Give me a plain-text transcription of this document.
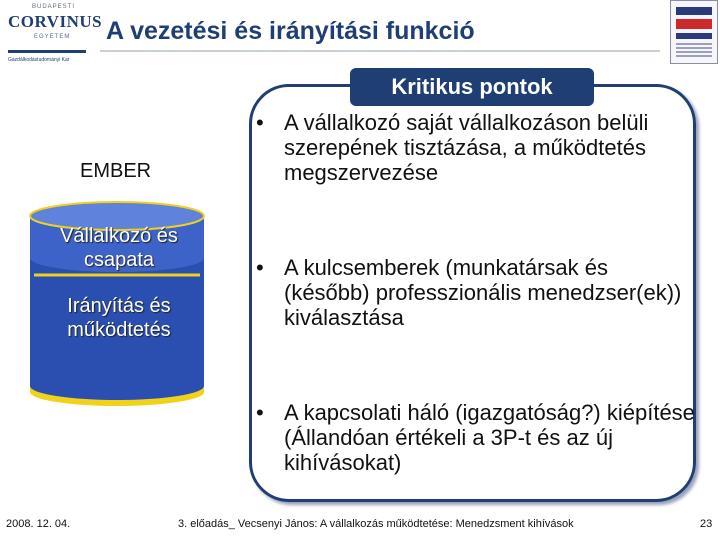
BUDAPESTI
CORVINUS
EGYETEM
Gazdálkodástudományi Kar
A vezetési és irányítási funkció
EMBER
Vállalkozó és csapata
Irányítás és működtetés
Kritikus pontok
• A vállalkozó saját vállalkozáson belüli szerepének tisztázása, a működtetés megszervezése
• A kulcsemberek (munkatársak és (később) professzionális menedzser(ek)) kiválasztása
• A kapcsolati háló (igazgatóság?) kiépítése (Állandóan értékeli a 3P-t és az új kihívásokat)
2008. 12. 04.	3. előadás_ Vecsenyi János: A vállalkozás működtetése: Menedzsment kihívások	23
